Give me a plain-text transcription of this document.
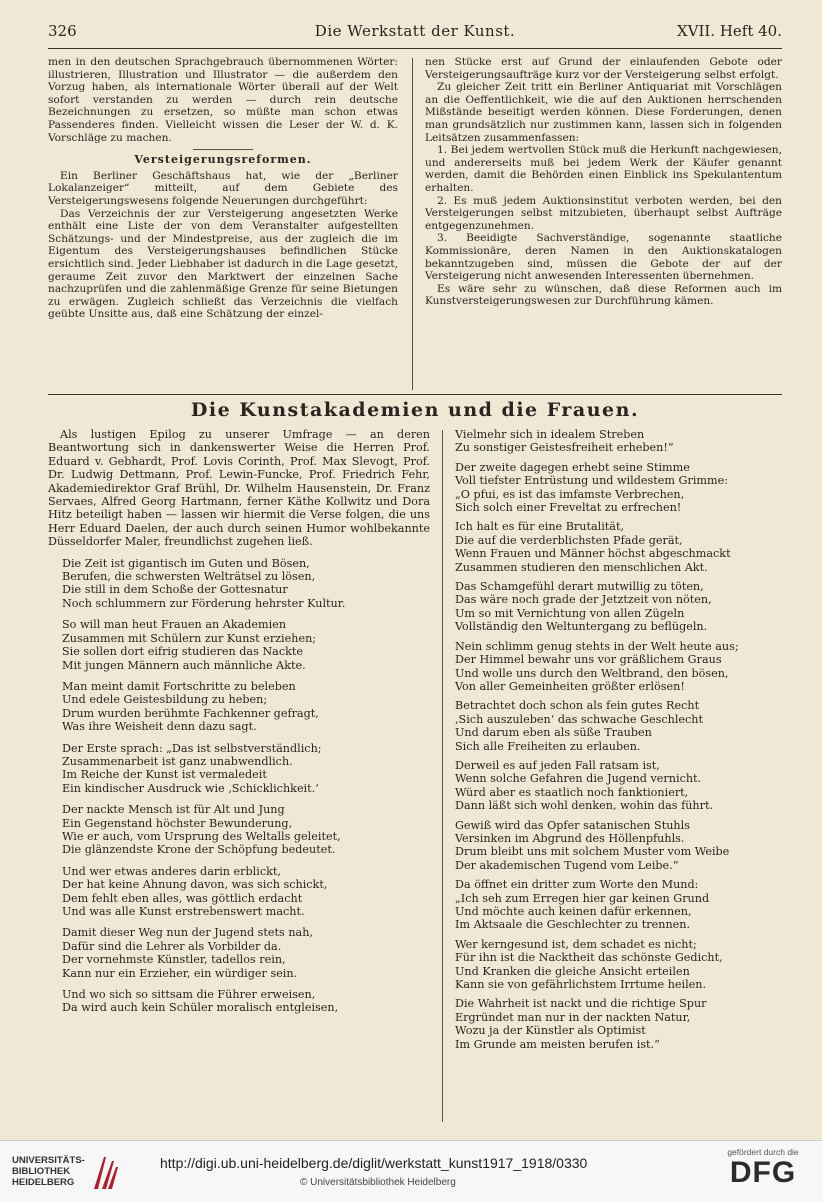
326	Die Werkstatt der Kunst.	XVII. Heft 40.

men in den deutschen Sprachgebrauch übernommenen Wörter: illustrieren, Illustration und Illustrator — die außerdem den Vorzug haben, als internationale Wörter überall auf der Welt sofort verstanden zu werden — durch rein deutsche Bezeichnungen zu ersetzen, so müßte man schon etwas Passenderes finden. Vielleicht wissen die Leser der W. d. K. Vorschläge zu machen.

Versteigerungsreformen.

Ein Berliner Geschäftshaus hat, wie der „Berliner Lokalanzeiger“ mitteilt, auf dem Gebiete des Versteigerungswesens folgende Neuerungen durchgeführt:

Das Verzeichnis der zur Versteigerung angesetzten Werke enthält eine Liste der von dem Veranstalter aufgestellten Schätzungs- und der Mindestpreise, aus der zugleich die im Eigentum des Versteigerungshauses befindlichen Stücke ersichtlich sind. Jeder Liebhaber ist dadurch in die Lage gesetzt, geraume Zeit zuvor den Marktwert der einzelnen Sache nachzuprüfen und die zahlenmäßige Grenze für seine Bietungen zu erwägen. Zugleich schließt das Verzeichnis die vielfach geübte Unsitte aus, daß eine Schätzung der einzel-

nen Stücke erst auf Grund der einlaufenden Gebote oder Versteigerungsaufträge kurz vor der Versteigerung selbst erfolgt.

Zu gleicher Zeit tritt ein Berliner Antiquariat mit Vorschlägen an die Oeffentlichkeit, wie die auf den Auktionen herrschenden Mißstände beseitigt werden können. Diese Forderungen, denen man grundsätzlich nur zustimmen kann, lassen sich in folgenden Leitsätzen zusammenfassen:

1. Bei jedem wertvollen Stück muß die Herkunft nachgewiesen, und andererseits muß bei jedem Werk der Käufer genannt werden, damit die Behörden einen Einblick ins Spekulantentum erhalten.

2. Es muß jedem Auktionsinstitut verboten werden, bei den Versteigerungen selbst mitzubieten, überhaupt selbst Aufträge entgegenzunehmen.

3. Beeidigte Sachverständige, sogenannte staatliche Kommissionäre, deren Namen in den Auktionskatalogen bekanntzugeben sind, müssen die Gebote der auf der Versteigerung nicht anwesenden Interessenten übernehmen.

Es wäre sehr zu wünschen, daß diese Reformen auch im Kunstversteigerungswesen zur Durchführung kämen.

Die Kunstakademien und die Frauen.

Als lustigen Epilog zu unserer Umfrage — an deren Beantwortung sich in dankenswerter Weise die Herren Prof. Eduard v. Gebhardt, Prof. Lovis Corinth, Prof. Max Slevogt, Prof. Dr. Ludwig Dettmann, Prof. Lewin-Funcke, Prof. Friedrich Fehr, Akademiedirektor Graf Brühl, Dr. Wilhelm Hausenstein, Dr. Franz Servaes, Alfred Georg Hartmann, ferner Käthe Kollwitz und Dora Hitz beteiligt haben — lassen wir hiermit die Verse folgen, die uns Herr Eduard Daelen, der auch durch seinen Humor wohlbekannte Düsseldorfer Maler, freundlichst zugehen ließ.

Die Zeit ist gigantisch im Guten und Bösen,

Berufen, die schwersten Welträtsel zu lösen,

Die still in dem Schoße der Gottesnatur

Noch schlummern zur Förderung hehrster Kultur.

So will man heut Frauen an Akademien

Zusammen mit Schülern zur Kunst erziehen;

Sie sollen dort eifrig studieren das Nackte

Mit jungen Männern auch männliche Akte.

Man meint damit Fortschritte zu beleben

Und edele Geistesbildung zu heben;

Drum wurden berühmte Fachkenner gefragt,

Was ihre Weisheit denn dazu sagt.

Der Erste sprach: „Das ist selbstverständlich;

Zusammenarbeit ist ganz unabwendlich.

Im Reiche der Kunst ist vermaledeit

Ein kindischer Ausdruck wie ‚Schicklichkeit.‘

Der nackte Mensch ist für Alt und Jung

Ein Gegenstand höchster Bewunderung,

Wie er auch, vom Ursprung des Weltalls geleitet,

Die glänzendste Krone der Schöpfung bedeutet.

Und wer etwas anderes darin erblickt,

Der hat keine Ahnung davon, was sich schickt,

Dem fehlt eben alles, was göttlich erdacht

Und was alle Kunst erstrebenswert macht.

Damit dieser Weg nun der Jugend stets nah,

Dafür sind die Lehrer als Vorbilder da.

Der vornehmste Künstler, tadellos rein,

Kann nur ein Erzieher, ein würdiger sein.

Und wo sich so sittsam die Führer erweisen,

Da wird auch kein Schüler moralisch entgleisen,

Vielmehr sich in idealem Streben

Zu sonstiger Geistesfreiheit erheben!“

Der zweite dagegen erhebt seine Stimme

Voll tiefster Entrüstung und wildestem Grimme:

„O pfui, es ist das imfamste Verbrechen,

Sich solch einer Freveltat zu erfrechen!

Ich halt es für eine Brutalität,

Die auf die verderblichsten Pfade gerät,

Wenn Frauen und Männer höchst abgeschmackt

Zusammen studieren den menschlichen Akt.

Das Schamgefühl derart mutwillig zu töten,

Das wäre noch grade der Jetztzeit von nöten,

Um so mit Vernichtung von allen Zügeln

Vollständig den Weltuntergang zu beflügeln.

Nein schlimm genug stehts in der Welt heute aus;

Der Himmel bewahr uns vor gräßlichem Graus

Und wolle uns durch den Weltbrand, den bösen,

Von aller Gemeinheiten größter erlösen!

Betrachtet doch schon als fein gutes Recht

‚Sich auszuleben‘ das schwache Geschlecht

Und darum eben als süße Trauben

Sich alle Freiheiten zu erlauben.

Derweil es auf jeden Fall ratsam ist,

Wenn solche Gefahren die Jugend vernicht.

Würd aber es staatlich noch fanktioniert,

Dann läßt sich wohl denken, wohin das führt.

Gewiß wird das Opfer satanischen Stuhls

Versinken im Abgrund des Höllenpfuhls.

Drum bleibt uns mit solchem Muster vom Weibe

Der akademischen Tugend vom Leibe.“

Da öffnet ein dritter zum Worte den Mund:

„Ich seh zum Erregen hier gar keinen Grund

Und möchte auch keinen dafür erkennen,

Im Aktsaale die Geschlechter zu trennen.

Wer kerngesund ist, dem schadet es nicht;

Für ihn ist die Nacktheit das schönste Gedicht,

Und Kranken die gleiche Ansicht erteilen

Kann sie von gefährlichstem Irrtume heilen.

Die Wahrheit ist nackt und die richtige Spur

Ergründet man nur in der nackten Natur,

Wozu ja der Künstler als Optimist

Im Grunde am meisten berufen ist.“

UNIVERSITÄTS-
BIBLIOTHEK
HEIDELBERG
http://digi.ub.uni-heidelberg.de/diglit/werkstatt_kunst1917_1918/0330
© Universitätsbibliothek Heidelberg
gefördert durch die
DFG
